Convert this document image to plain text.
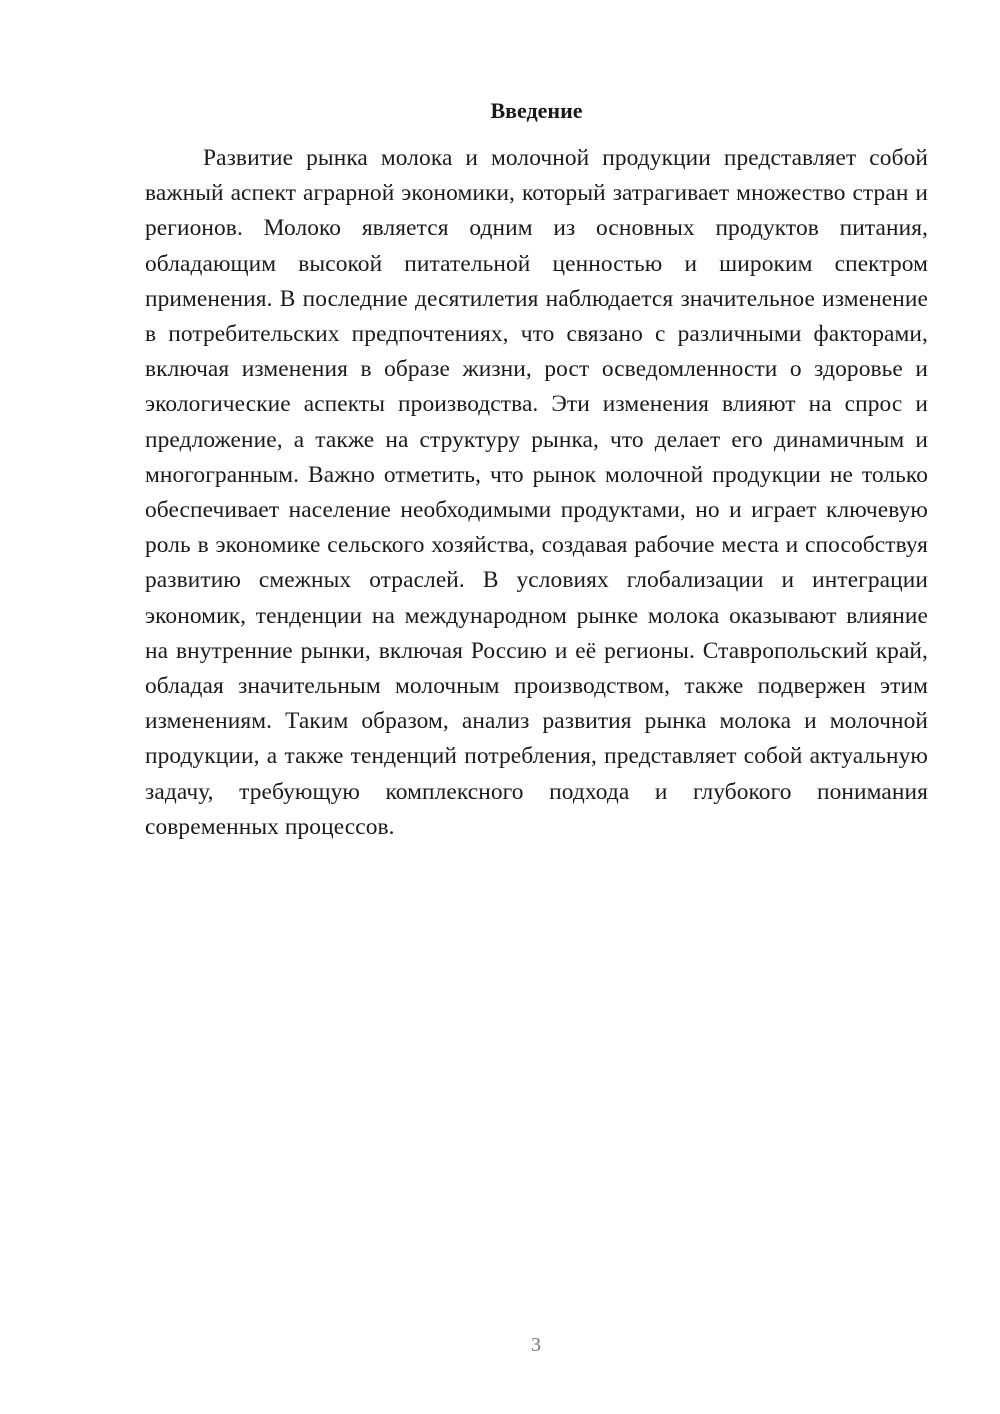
Введение

Развитие рынка молока и молочной продукции представляет собой важный аспект аграрной экономики, который затрагивает множество стран и регионов. Молоко является одним из основных продуктов питания, обладающим высокой питательной ценностью и широким спектром применения. В последние десятилетия наблюдается значительное изменение в потребительских предпочтениях, что связано с различными факторами, включая изменения в образе жизни, рост осведомленности о здоровье и экологические аспекты производства. Эти изменения влияют на спрос и предложение, а также на структуру рынка, что делает его динамичным и многогранным. Важно отметить, что рынок молочной продукции не только обеспечивает население необходимыми продуктами, но и играет ключевую роль в экономике сельского хозяйства, создавая рабочие места и способствуя развитию смежных отраслей. В условиях глобализации и интеграции экономик, тенденции на международном рынке молока оказывают влияние на внутренние рынки, включая Россию и её регионы. Ставропольский край, обладая значительным молочным производством, также подвержен этим изменениям. Таким образом, анализ развития рынка молока и молочной продукции, а также тенденций потребления, представляет собой актуальную задачу, требующую комплексного подхода и глубокого понимания современных процессов.

3
